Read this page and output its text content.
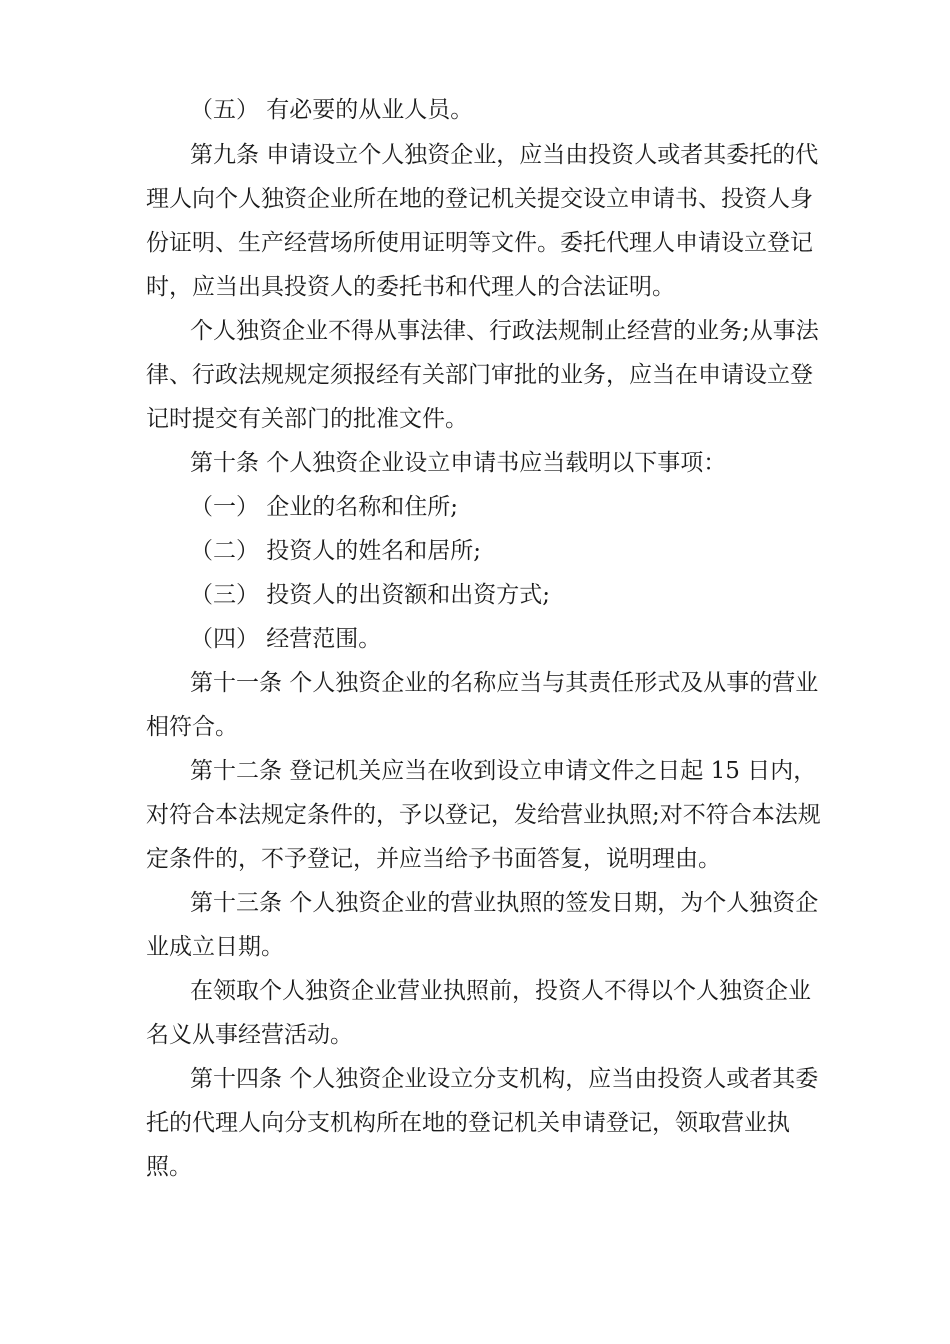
（五） 有必要的从业人员。
第九条 申请设立个人独资企业，应当由投资人或者其委托的代
理人向个人独资企业所在地的登记机关提交设立申请书、投资人身
份证明、生产经营场所使用证明等文件。委托代理人申请设立登记
时，应当出具投资人的委托书和代理人的合法证明。
个人独资企业不得从事法律、行政法规制止经营的业务;从事法
律、行政法规规定须报经有关部门审批的业务，应当在申请设立登
记时提交有关部门的批准文件。
第十条 个人独资企业设立申请书应当载明以下事项：
（一） 企业的名称和住所;
（二） 投资人的姓名和居所;
（三） 投资人的出资额和出资方式;
（四） 经营范围。
第十一条 个人独资企业的名称应当与其责任形式及从事的营业
相符合。
第十二条 登记机关应当在收到设立申请文件之日起 15 日内，
对符合本法规定条件的，予以登记，发给营业执照;对不符合本法规
定条件的，不予登记，并应当给予书面答复，说明理由。
第十三条 个人独资企业的营业执照的签发日期，为个人独资企
业成立日期。
在领取个人独资企业营业执照前，投资人不得以个人独资企业
名义从事经营活动。
第十四条 个人独资企业设立分支机构，应当由投资人或者其委
托的代理人向分支机构所在地的登记机关申请登记，领取营业执
照。
